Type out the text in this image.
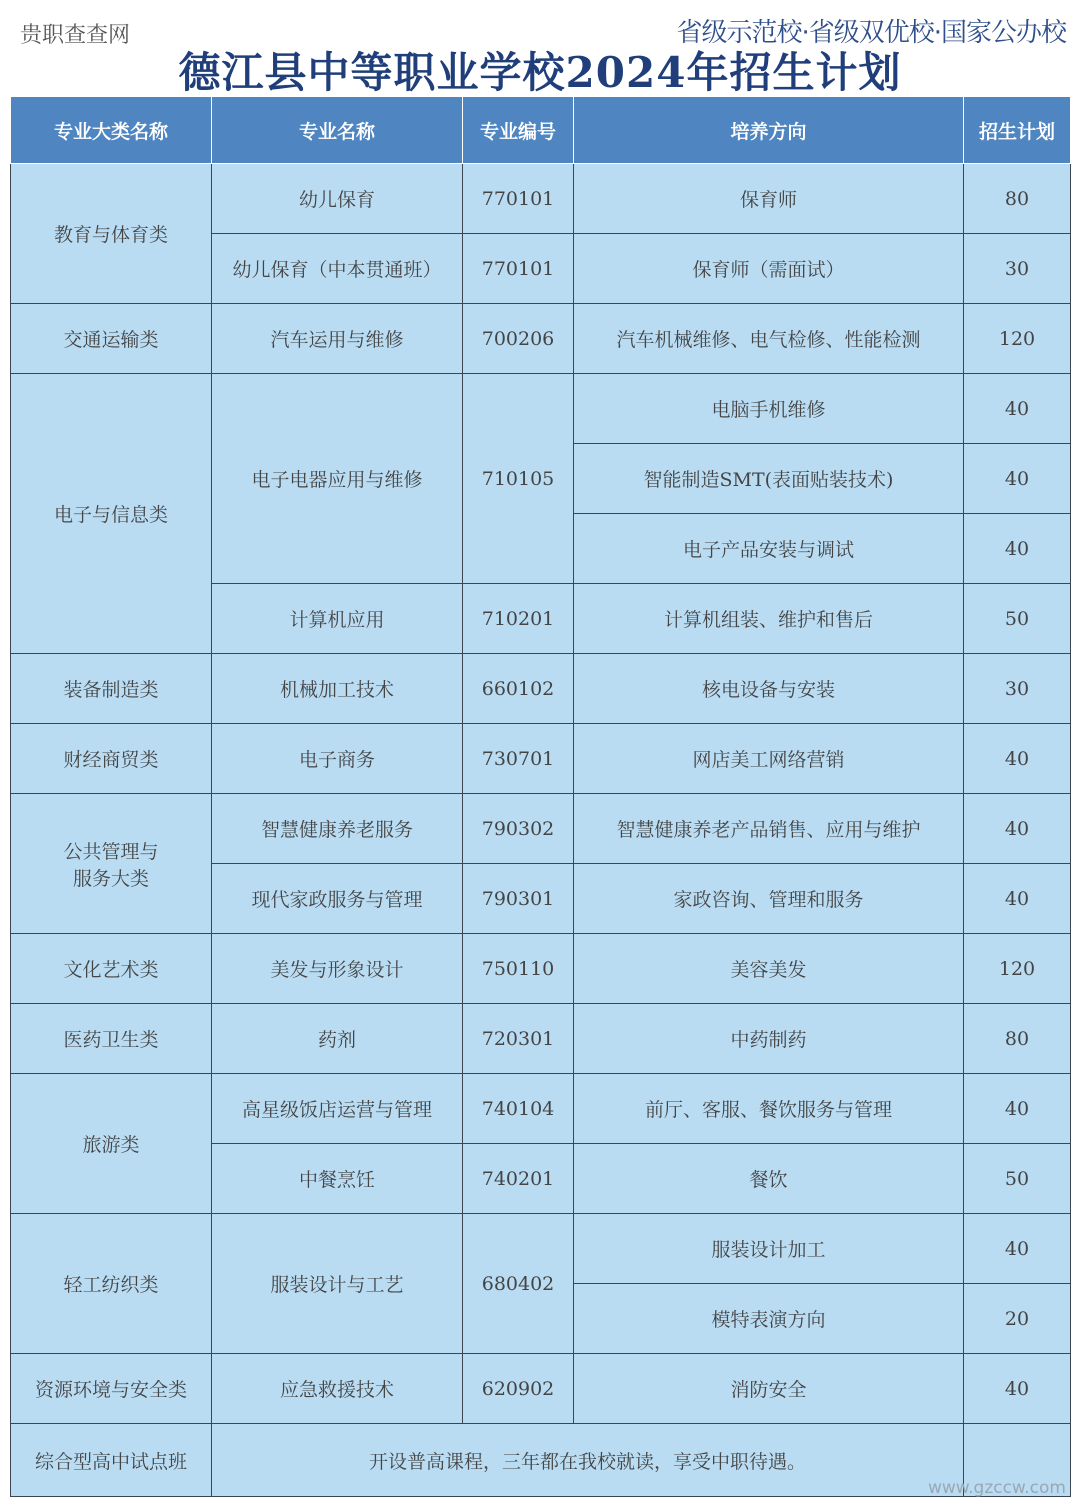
贵职查查网	省级示范校·省级双优校·国家公办校
德江县中等职业学校2024年招生计划
专业大类名称	专业名称	专业编号	培养方向	招生计划
教育与体育类	幼儿保育	770101	保育师	80
	幼儿保育（中本贯通班）	770101	保育师（需面试）	30
交通运输类	汽车运用与维修	700206	汽车机械维修、电气检修、性能检测	120
电子与信息类	电子电器应用与维修	710105	电脑手机维修	40
			智能制造SMT(表面贴装技术)	40
			电子产品安装与调试	40
	计算机应用	710201	计算机组装、维护和售后	50
装备制造类	机械加工技术	660102	核电设备与安装	30
财经商贸类	电子商务	730701	网店美工网络营销	40
公共管理与
服务大类	智慧健康养老服务	790302	智慧健康养老产品销售、应用与维护	40
	现代家政服务与管理	790301	家政咨询、管理和服务	40
文化艺术类	美发与形象设计	750110	美容美发	120
医药卫生类	药剂	720301	中药制药	80
旅游类	高星级饭店运营与管理	740104	前厅、客服、餐饮服务与管理	40
	中餐烹饪	740201	餐饮	50
轻工纺织类	服装设计与工艺	680402	服装设计加工	40
			模特表演方向	20
资源环境与安全类	应急救援技术	620902	消防安全	40
综合型高中试点班	开设普高课程，三年都在我校就读，享受中职待遇。			
www.gzccw.com
